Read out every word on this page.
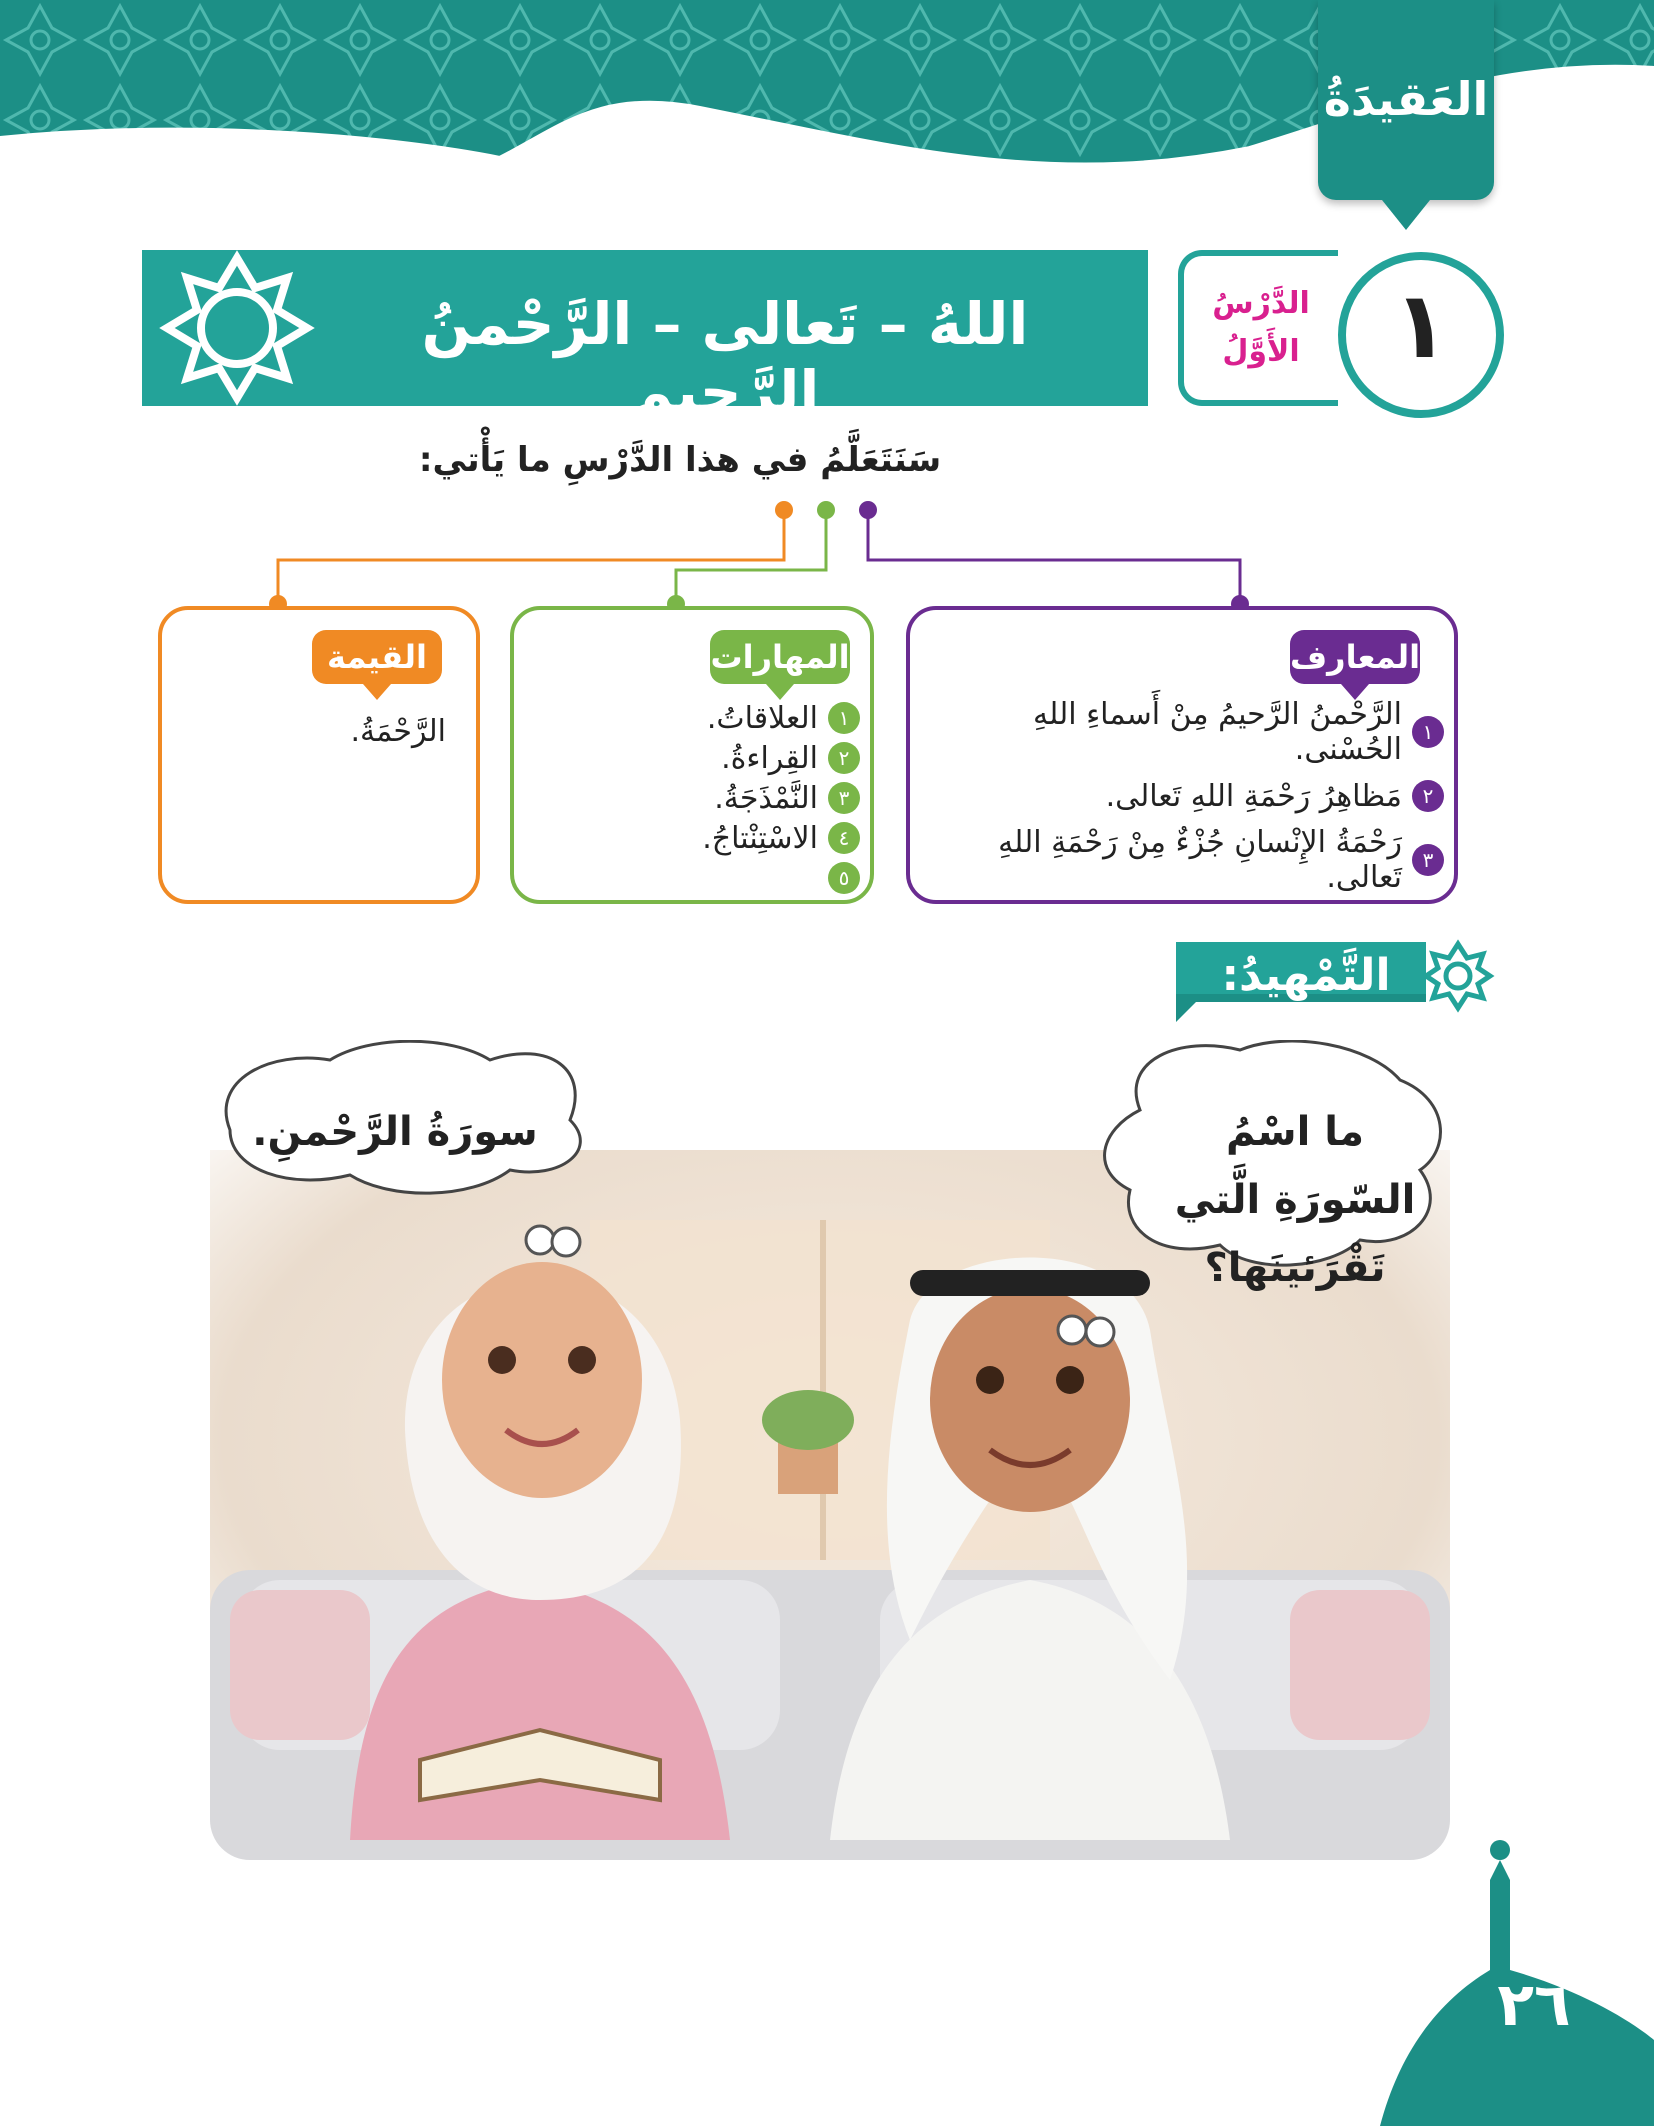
العَقيدَةُ
اللهُ – تَعالى – الرَّحْمنُ الرَّحيم
الدَّرْسُ
الأَوَّلُ	١
سَنَتَعَلَّمُ في هذا الدَّرْسِ ما يَأْتي:
المعارف
١
الرَّحْمنُ الرَّحيمُ مِنْ أَسماءِ اللهِ الحُسْنى.
٢
مَظاهِرُ رَحْمَةِ اللهِ تَعالى.
٣
رَحْمَةُ الإِنْسانِ جُزْءٌ مِنْ رَحْمَةِ اللهِ تَعالى.
المهارات
١
العلاقاتُ.
٢
القِراءةُ.
٣
النَّمْذَجَةُ.
٤
الاسْتِنْتاجُ.
٥
القيمة
الرَّحْمَةُ.
التَّمْهيدُ:
سورَةُ الرَّحْمنِ.	ما اسْمُ السّورَةِ الَّتي تَقْرَئينَها؟
٢٦
